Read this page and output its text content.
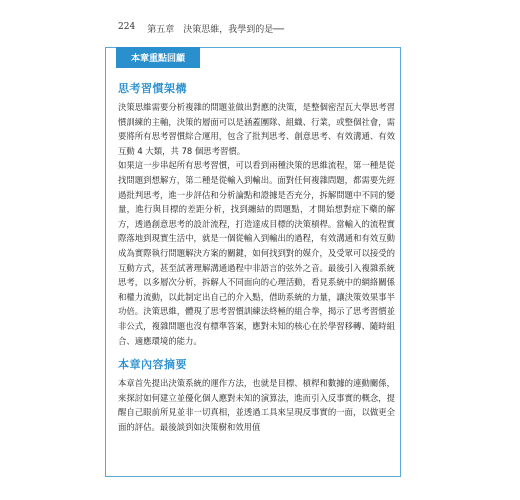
224 第五章　決策思維，我學到的是──
本章重點回顧
思考習慣架構

決策思維需要分析複雜的問題並做出對應的決策，是整個密涅瓦大學思考習慣訓練的主軸，決策的層面可以是涵蓋團隊、組織、行業，或整個社會，需要將所有思考習慣綜合運用，包含了批判思考、創意思考、有效溝通、有效互動 4 大類，共 78 個思考習慣。

如果這一步串起所有思考習慣，可以看到兩種決策的思維流程，第一種是從找問題到想解方，第二種是從輸入到輸出。面對任何複雜問題，都需要先經過批判思考，進一步評估和分析論點和證據是否充分，拆解問題中不同的變量，進行與目標的差距分析，找到纏結的問題點，才開始想對症下藥的解方，透過創意思考的設計流程，打造達成目標的決策槓桿。當輸入的流程實際落地到現實生活中，就是一個從輸入到輸出的過程，有效溝通和有效互動成為實際執行問題解決方案的關鍵，如何找到對的媒介，及受眾可以接受的互動方式，甚至試著理解溝通過程中非語言的弦外之音。最後引入複雜系統思考，以多層次分析，拆解人不同面向的心理活動，看見系統中的網絡關係和權力流動，以此制定出自己的介入點，借助系統的力量，讓決策效果事半功倍。決策思維，體現了思考習慣訓練法終極的組合拳，揭示了思考習慣並非公式，複雜問題也沒有標準答案，應對未知的核心在於學習移轉、隨時組合、適應環境的能力。

本章內容摘要

本章首先提出決策系統的運作方法，也就是目標、槓桿和數據的連動關係，來探討如何建立並優化個人應對未知的演算法，進而引入反事實的概念，提醒自己眼前所見並非一切真相，並透過工具來呈現反事實的一面，以做更全面的評估。最後談到如決策樹和效用值
